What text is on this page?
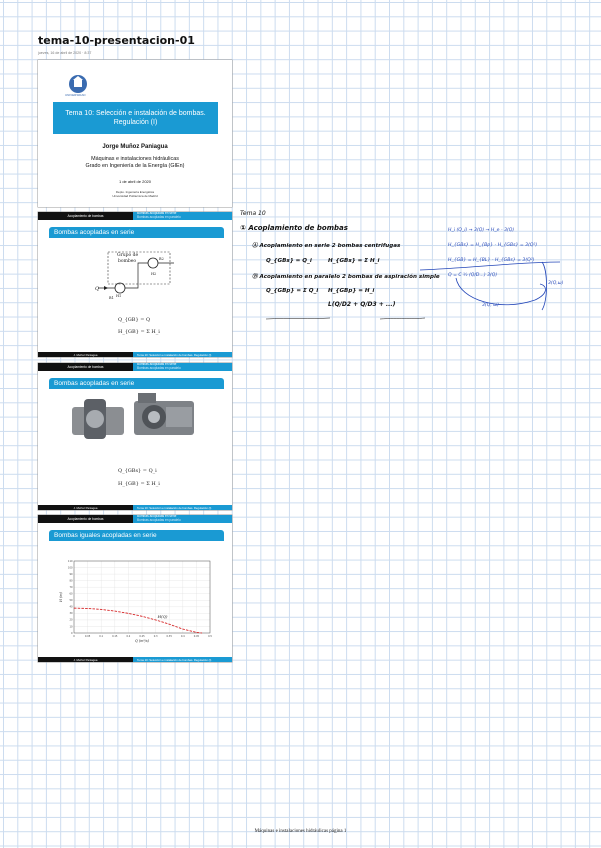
tema-10-presentacion-01
jueves, 16 de abril de 2020 · 8:37
UNIVERSIDAD
Tema 10: Selección e instalación de bombas.
Regulación (I)
Jorge Muñoz Paniagua
Máquinas e instalaciones hidráulicas
Grado en Ingeniería de la Energía (GIEn)
1 de abril de 2020
Depto. Ingeniería Energética
Universidad Politécnica de Madrid
Acoplamiento de bombas
Bombas acopladas en serie
Bombas acopladas en paralelo
Bombas acopladas en serie
Grupo de
bombeo
Q
H1
H2
B1
B2
Q_{GB} = Q
H_{GB} = Σ H_i
J. Muñoz Paniagua	Tema 10: Selección e instalación de bombas. Regulación (I)
Acoplamiento de bombas
Bombas acopladas en serie
Bombas acopladas en paralelo
Bombas acopladas en serie
Q_{GBs} = Q_i
H_{GB} = Σ H_i
J. Muñoz Paniagua	Tema 10: Selección e instalación de bombas. Regulación (I)
Acoplamiento de bombas
Bombas acopladas en serie
Bombas acopladas en paralelo
Bombas iguales acopladas en serie
0	0.05	0.1	0.15	0.2	0.25	0.3	0.35	0.4	0.45	0.5
0
10
20
30
40
50
60
70
80
90
100
110
H(Q)
Q (m³/s)
H (m)
J. Muñoz Paniagua	Tema 10: Selección e instalación de bombas. Regulación (I)
Tema 10
① Acoplamiento de bombas
Ⓐ Acoplamiento en serie 2 bombas centrifugas
Q_{GBs} = Q_i	H_{GBs} = Σ H_i
Ⓑ Acoplamiento en paralelo 2 bombas de aspiración simple
Q_{GBp} = Σ Q_i H_{GBp} = H_i
L(Q/D2 + Q/D3 + ...)
H_i (Q_i) → 3(Q) → H_e - 3(Q)
H_{GBs} = H_{Bp} - H_{GBs} = 3(Q²)
H_{GB} = H_{BL} - H_{GBs} = 3(Q²)
Q = C ½ (Q/D...) 3(Q)
3(Q, ω)
3(Q,ω)
Máquinas e instalaciones hidráulicas página 1
